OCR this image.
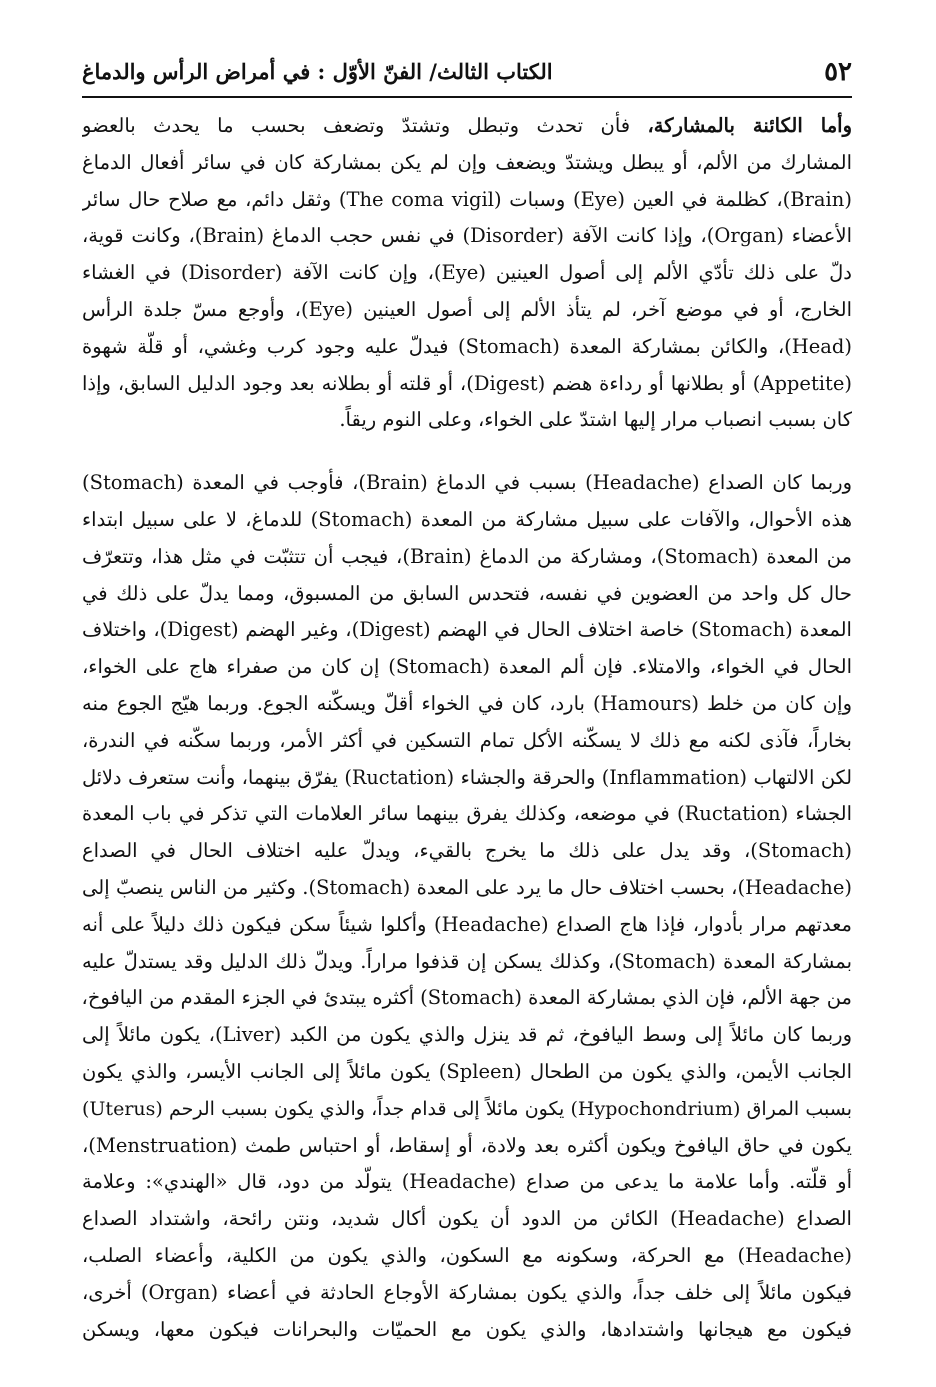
٥٢
الكتاب الثالث/ الفنّ الأوّل : في أمراض الرأس والدماغ
وأما الكائنة بالمشاركة، فأن تحدث وتبطل وتشتدّ وتضعف بحسب ما يحدث بالعضو
المشارك من الألم، أو يبطل ويشتدّ ويضعف وإن لم يكن بمشاركة كان في سائر أفعال الدماغ
(Brain)، كظلمة في العين (Eye) وسبات (The coma vigil) وثقل دائم، مع صلاح حال سائر
الأعضاء (Organ)، وإذا كانت الآفة (Disorder) في نفس حجب الدماغ (Brain)، وكانت قوية،
دلّ على ذلك تأدّي الألم إلى أصول العينين (Eye)، وإن كانت الآفة (Disorder) في الغشاء
الخارج، أو في موضع آخر، لم يتأذ الألم إلى أصول العينين (Eye)، وأوجع مسّ جلدة الرأس
(Head)، والكائن بمشاركة المعدة (Stomach) فيدلّ عليه وجود كرب وغشي، أو قلّة شهوة
(Appetite) أو بطلانها أو رداءة هضم (Digest)، أو قلته أو بطلانه بعد وجود الدليل السابق، وإذا
كان بسبب انصباب مرار إليها اشتدّ على الخواء، وعلى النوم ريقاً.
وربما كان الصداع (Headache) بسبب في الدماغ (Brain)، فأوجب في المعدة (Stomach)
هذه الأحوال، والآفات على سبيل مشاركة من المعدة (Stomach) للدماغ، لا على سبيل ابتداء
من المعدة (Stomach)، ومشاركة من الدماغ (Brain)، فيجب أن تتثبّت في مثل هذا، وتتعرّف
حال كل واحد من العضوين في نفسه، فتحدس السابق من المسبوق، ومما يدلّ على ذلك في
المعدة (Stomach) خاصة اختلاف الحال في الهضم (Digest)، وغير الهضم (Digest)، واختلاف
الحال في الخواء، والامتلاء. فإن ألم المعدة (Stomach) إن كان من صفراء هاج على الخواء،
وإن كان من خلط (Hamours) بارد، كان في الخواء أقلّ ويسكّنه الجوع. وربما هيّج الجوع منه
بخاراً، فآذى لكنه مع ذلك لا يسكّنه الأكل تمام التسكين في أكثر الأمر، وربما سكّنه في الندرة،
لكن الالتهاب (Inflammation) والحرقة والجشاء (Ructation) يفرّق بينهما، وأنت ستعرف دلائل
الجشاء (Ructation) في موضعه، وكذلك يفرق بينهما سائر العلامات التي تذكر في باب المعدة
(Stomach)، وقد يدل على ذلك ما يخرج بالقيء، ويدلّ عليه اختلاف الحال في الصداع
(Headache)، بحسب اختلاف حال ما يرد على المعدة (Stomach). وكثير من الناس ينصبّ إلى
معدتهم مرار بأدوار، فإذا هاج الصداع (Headache) وأكلوا شيئاً سكن فيكون ذلك دليلاً على أنه
بمشاركة المعدة (Stomach)، وكذلك يسكن إن قذفوا مراراً. ويدلّ ذلك الدليل وقد يستدلّ عليه
من جهة الألم، فإن الذي بمشاركة المعدة (Stomach) أكثره يبتدئ في الجزء المقدم من اليافوخ،
وربما كان مائلاً إلى وسط اليافوخ، ثم قد ينزل والذي يكون من الكبد (Liver)، يكون مائلاً إلى
الجانب الأيمن، والذي يكون من الطحال (Spleen) يكون مائلاً إلى الجانب الأيسر، والذي يكون
بسبب المراق (Hypochondrium) يكون مائلاً إلى قدام جداً، والذي يكون بسبب الرحم (Uterus)
يكون في حاق اليافوخ ويكون أكثره بعد ولادة، أو إسقاط، أو احتباس طمث (Menstruation)،
أو قلّته. وأما علامة ما يدعى من صداع (Headache) يتولّد من دود، قال «الهندي»: وعلامة
الصداع (Headache) الكائن من الدود أن يكون أكال شديد، ونتن رائحة، واشتداد الصداع
(Headache) مع الحركة، وسكونه مع السكون، والذي يكون من الكلية، وأعضاء الصلب،
فيكون مائلاً إلى خلف جداً، والذي يكون بمشاركة الأوجاع الحادثة في أعضاء (Organ) أخرى،
فيكون مع هيجانها واشتدادها، والذي يكون مع الحميّات والبحرانات فيكون معها، ويسكن
